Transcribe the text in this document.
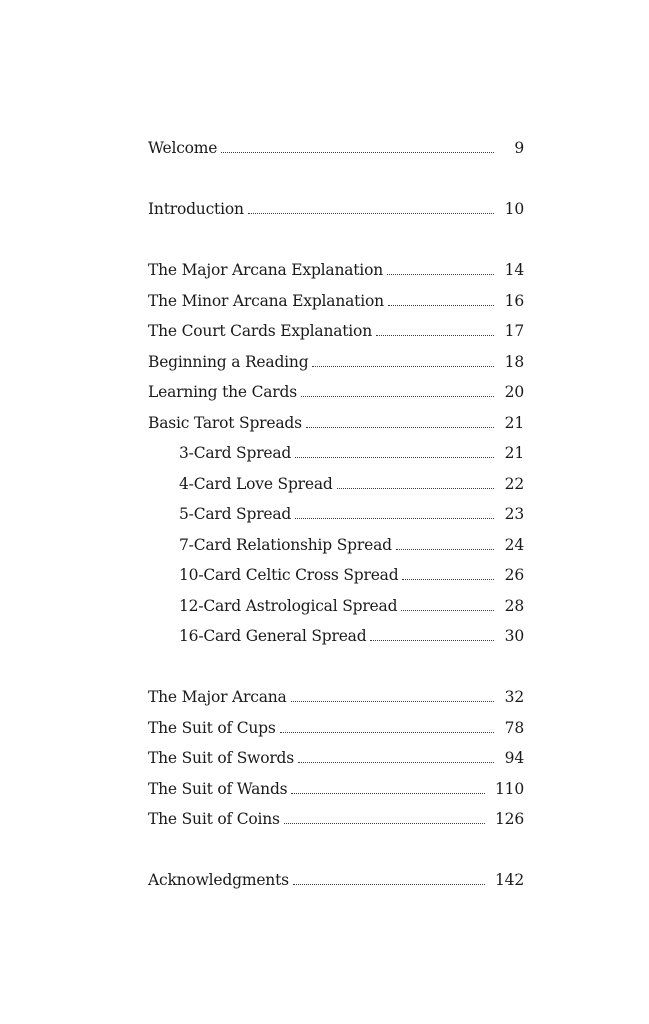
Welcome	9
Introduction	10
The Major Arcana Explanation	14
The Minor Arcana Explanation	16
The Court Cards Explanation	17
Beginning a Reading	18
Learning the Cards	20
Basic Tarot Spreads	21
3-Card Spread	21
4-Card Love Spread	22
5-Card Spread	23
7-Card Relationship Spread	24
10-Card Celtic Cross Spread	26
12-Card Astrological Spread	28
16-Card General Spread	30
The Major Arcana	32
The Suit of Cups	78
The Suit of Swords	94
The Suit of Wands	110
The Suit of Coins	126
Acknowledgments	142
